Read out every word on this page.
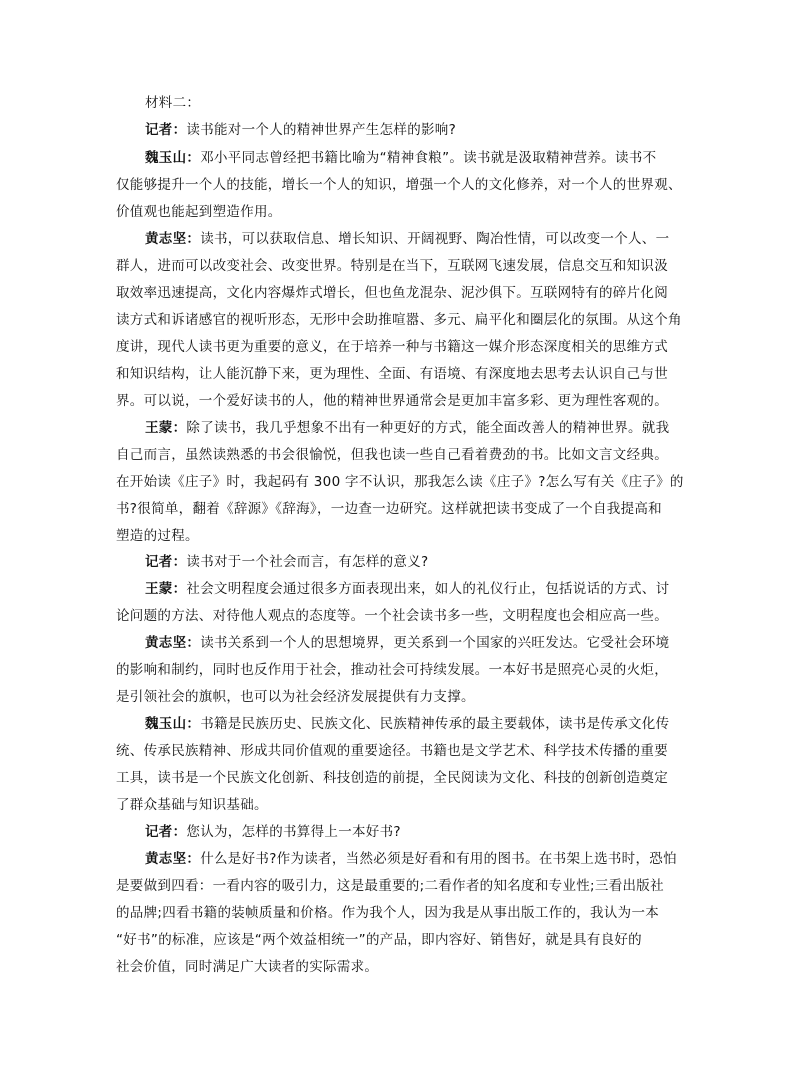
材料二：
记者：读书能对一个人的精神世界产生怎样的影响?
魏玉山：邓小平同志曾经把书籍比喻为“精神食粮”。读书就是汲取精神营养。读书不
仅能够提升一个人的技能，增长一个人的知识，增强一个人的文化修养，对一个人的世界观、
价值观也能起到塑造作用。
黄志坚：读书，可以获取信息、增长知识、开阔视野、陶冶性情，可以改变一个人、一
群人，进而可以改变社会、改变世界。特别是在当下，互联网飞速发展，信息交互和知识汲
取效率迅速提高，文化内容爆炸式增长，但也鱼龙混杂、泥沙俱下。互联网特有的碎片化阅
读方式和诉诸感官的视听形态，无形中会助推喧嚣、多元、扁平化和圈层化的氛围。从这个角
度讲，现代人读书更为重要的意义，在于培养一种与书籍这一媒介形态深度相关的思维方式
和知识结构，让人能沉静下来，更为理性、全面、有语境、有深度地去思考去认识自己与世
界。可以说，一个爱好读书的人，他的精神世界通常会是更加丰富多彩、更为理性客观的。
王蒙：除了读书，我几乎想象不出有一种更好的方式，能全面改善人的精神世界。就我
自己而言，虽然读熟悉的书会很愉悦，但我也读一些自己看着费劲的书。比如文言文经典。
在开始读《庄子》时，我起码有 300 字不认识，那我怎么读《庄子》?怎么写有关《庄子》的
书?很简单，翻着《辞源》《辞海》，一边查一边研究。这样就把读书变成了一个自我提高和
塑造的过程。
记者：读书对于一个社会而言，有怎样的意义?
王蒙：社会文明程度会通过很多方面表现出来，如人的礼仪行止，包括说话的方式、讨
论问题的方法、对待他人观点的态度等。一个社会读书多一些，文明程度也会相应高一些。
黄志坚：读书关系到一个人的思想境界，更关系到一个国家的兴旺发达。它受社会环境
的影响和制约，同时也反作用于社会，推动社会可持续发展。一本好书是照亮心灵的火炬，
是引领社会的旗帜，也可以为社会经济发展提供有力支撑。
魏玉山：书籍是民族历史、民族文化、民族精神传承的最主要载体，读书是传承文化传
统、传承民族精神、形成共同价值观的重要途径。书籍也是文学艺术、科学技术传播的重要
工具，读书是一个民族文化创新、科技创造的前提，全民阅读为文化、科技的创新创造奠定
了群众基础与知识基础。
记者：您认为，怎样的书算得上一本好书?
黄志坚：什么是好书?作为读者，当然必须是好看和有用的图书。在书架上选书时，恐怕
是要做到四看：一看内容的吸引力，这是最重要的;二看作者的知名度和专业性;三看出版社
的品牌;四看书籍的装帧质量和价格。作为我个人，因为我是从事出版工作的，我认为一本
“好书”的标准，应该是“两个效益相统一”的产品，即内容好、销售好，就是具有良好的
社会价值，同时满足广大读者的实际需求。
